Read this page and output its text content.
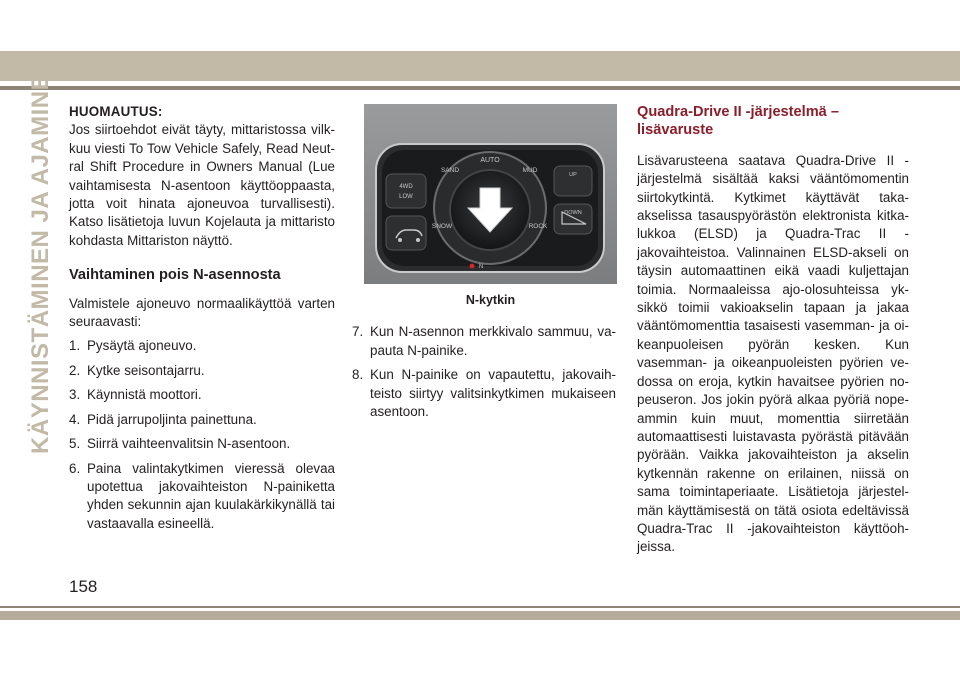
KÄYNNISTÄMINEN JA AJAMINEN HUOMAUTUS:

Jos siirtoehdot eivät täyty, mittaristossa vilkkuu viesti To Tow Vehicle Safely, Read Neutral Shift Procedure in Owners Manual (Lue vaihtamisesta N-asentoon käyttöoppaasta, jotta voit hinata ajoneuvoa turvallisesti). Katso lisätietoja luvun Kojelauta ja mittaristo kohdasta Mittariston näyttö.

Vaihtaminen pois N-asennosta

Valmistele ajoneuvo normaalikäyttöä varten seuraavasti:

1. Pysäytä ajoneuvo.
2. Kytke seisontajarru.
3. Käynnistä moottori.
4. Pidä jarrupoljinta painettuna.
5. Siirrä vaihteenvalitsin N-asentoon.
6. Paina valintakytkimen vieressä olevaa upotettua jakovaihteiston N-painiketta yhden sekunnin ajan kuulakärkikynällä tai vastaavalla esineellä.
AUTO
SAND	MUD
SNOW	ROCK
4WD
LOW
UP
DOWN
N
N-kytkin
7. Kun N-asennon merkkivalo sammuu, vapauta N-painike.
8. Kun N-painike on vapautettu, jakovaihteisto siirtyy valitsinkytkimen mukaiseen asentoon.
Quadra-Drive II -järjestelmä – lisävaruste

Lisävarusteena saatava Quadra-Drive II -järjestelmä sisältää kaksi vääntömomentin siirtokytkintä. Kytkimet käyttävät takaakselissa tasauspyörästön elektronista kitkalukkoa (ELSD) ja Quadra-Trac II -jakovaihteistoa. Valinnainen ELSD-akseli on täysin automaattinen eikä vaadi kuljettajan toimia. Normaaleissa ajo-olosuhteissa yksikkö toimii vakioakselin tapaan ja jakaa vääntömomenttia tasaisesti vasemman- ja oikeanpuoleisen pyörän kesken. Kun vasemman- ja oikeanpuoleisten pyörien vedossa on eroja, kytkin havaitsee pyörien nopeuseron. Jos jokin pyörä alkaa pyöriä nopeammin kuin muut, momenttia siirretään automaattisesti luistavasta pyörästä pitävään pyörään. Vaikka jakovaihteiston ja akselin kytkennän rakenne on erilainen, niissä on sama toimintaperiaate. Lisätietoja järjestelmän käyttämisestä on tätä osiota edeltävissä Quadra-Trac II -jakovaihteiston käyttöohjeissa.

158
